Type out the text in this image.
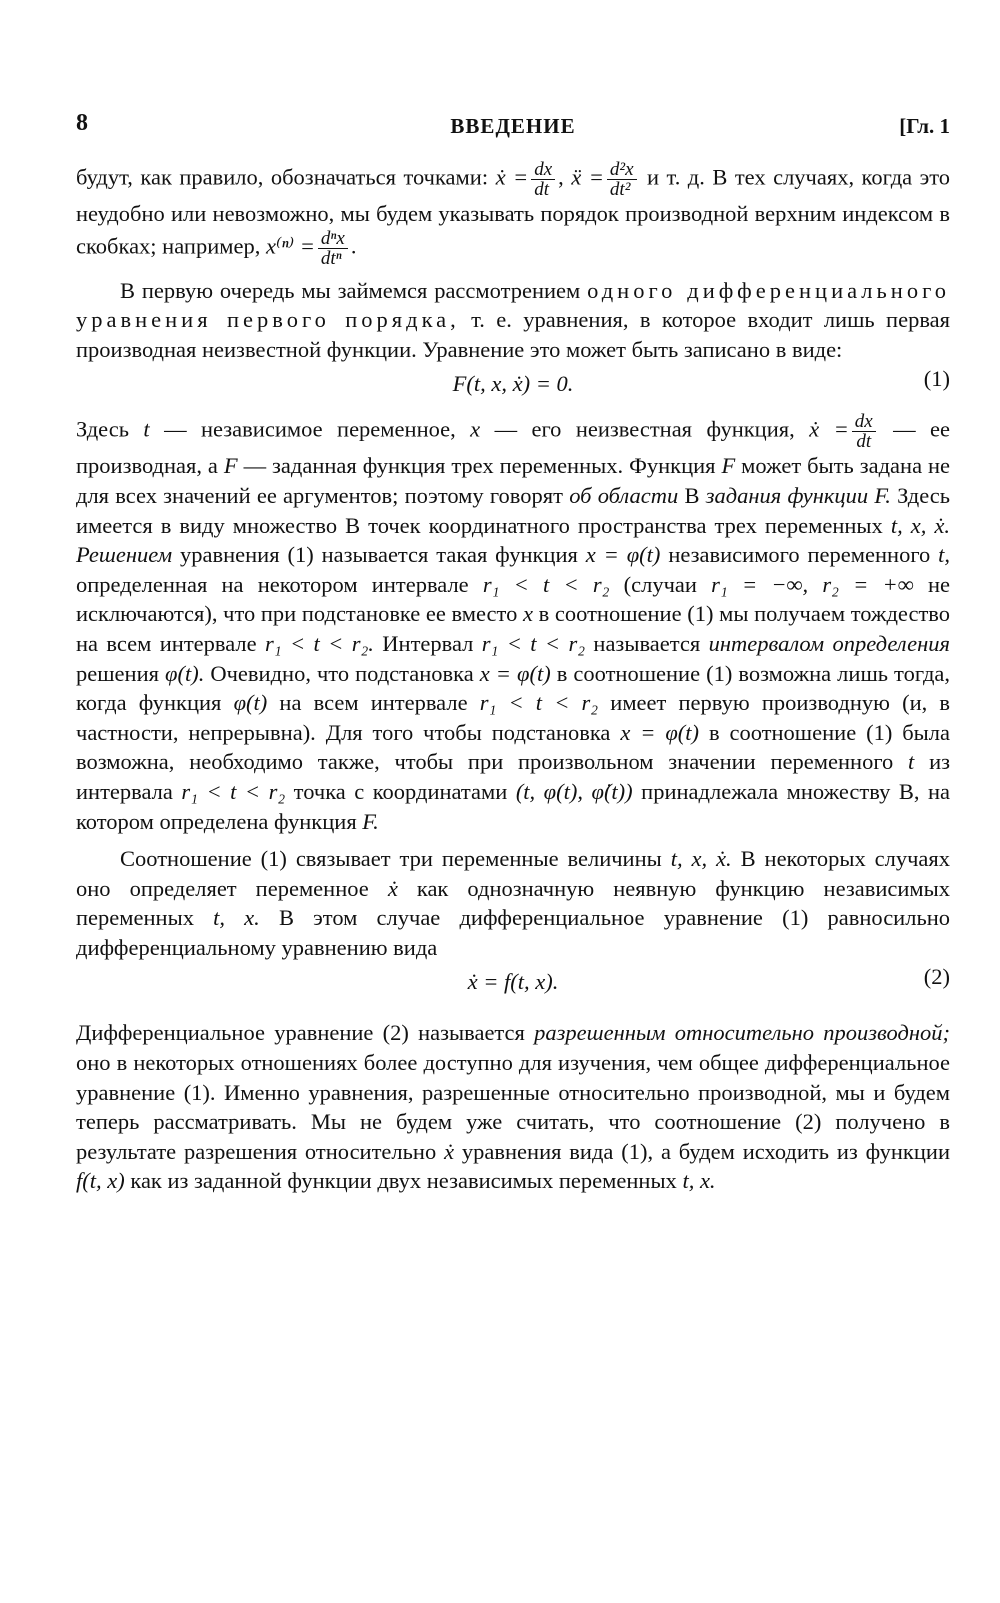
8	ВВЕДЕНИЕ	[Гл. 1

будут, как правило, обозначаться точками: ẋ = $\frac{dx}{dt}$ , ẍ = $\frac{\text{d²x}}{\text{dt²}}$ и т. д. В тех случаях, когда это неудобно или невозможно, мы будем указывать порядок производной верхним индексом в скобках; например, $x^{(n)} = \frac{\text{dⁿx}}{\text{dtⁿ}}$ .

В первую очередь мы займемся рассмотрением одного дифференциального уравнения первого порядка, т. е. уравнения, в которое входит лишь первая производная неизвестной функции. Уравнение это может быть записано в виде:

F(t, x, ẋ) = 0.	(1)

Здесь t — независимое переменное, x — его неизвестная функция, ẋ = $\frac{dx}{dt}$ — ее производная, а F — заданная функция трех переменных. Функция F может быть задана не для всех значений ее аргументов; поэтому говорят об области B задания функции F. Здесь имеется в виду множество B точек координатного пространства трех переменных t, x, ẋ. Решением уравнения (1) называется такая функция x = φ(t) независимого переменного t, определенная на некотором интервале r₁ < t < r₂ (случаи r₁ = −∞, r₂ = +∞ не исключаются), что при подстановке ее вместо x в соотношение (1) мы получаем тождество на всем интервале r₁ < t < r₂. Интервал r₁ < t < r₂ называется интервалом определения решения φ(t). Очевидно, что подстановка x = φ(t) в соотношение (1) возможна лишь тогда, когда функция φ(t) на всем интервале r₁ < t < r₂ имеет первую производную (и, в частности, непрерывна). Для того чтобы подстановка x = φ(t) в соотношение (1) была возможна, необходимо также, чтобы при произвольном значении переменного t из интервала r₁ < t < r₂ точка с координатами (t, φ(t), φ̇(t)) принадлежала множеству B, на котором определена функция F.

Соотношение (1) связывает три переменные величины t, x, ẋ. В некоторых случаях оно определяет переменное ẋ как однозначную неявную функцию независимых переменных t, x. В этом случае дифференциальное уравнение (1) равносильно дифференциальному уравнению вида

ẋ = f(t, x).	(2)

Дифференциальное уравнение (2) называется разрешенным относительно производной; оно в некоторых отношениях более доступно для изучения, чем общее дифференциальное уравнение (1). Именно уравнения, разрешенные относительно производной, мы и будем теперь рассматривать. Мы не будем уже считать, что соотношение (2) получено в результате разрешения относительно ẋ уравнения вида (1), а будем исходить из функции f(t, x) как из заданной функции двух независимых переменных t, x.
